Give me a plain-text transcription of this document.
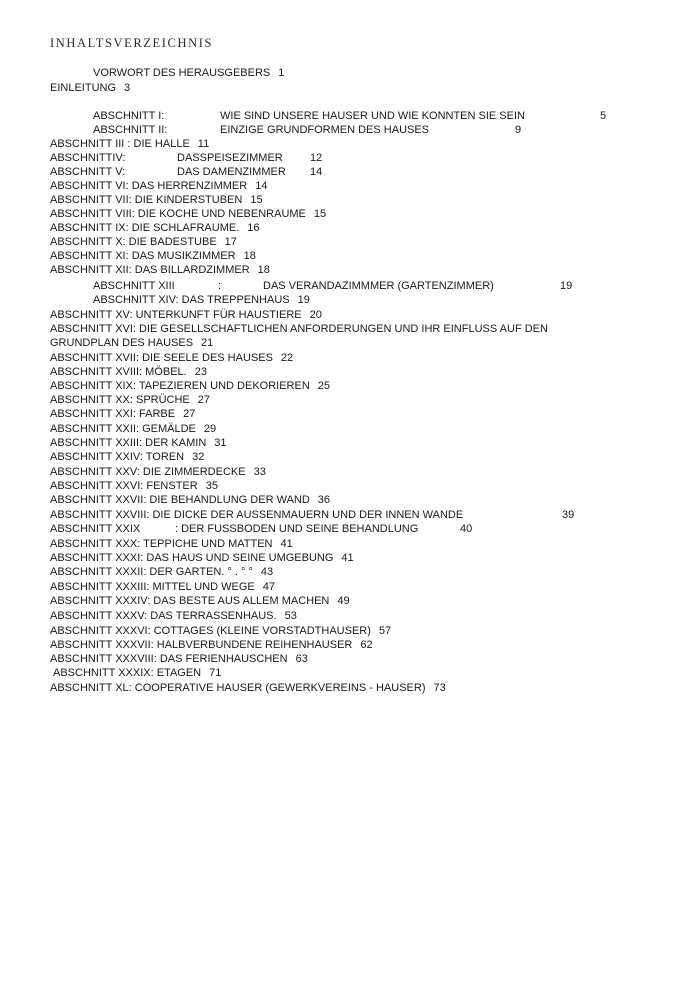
INHALTSVERZEICHNIS
VORWORT DES HERAUSGEBERS 1
EINLEITUNG 3
ABSCHNITT I:	WIE SIND UNSERE HAUSER UND WIE KONNTEN SIE SEIN	5
ABSCHNITT II:	EINZIGE GRUNDFORMEN DES HAUSES	9
ABSCHNITT III : DIE HALLE 11
ABSCHNITTIV:	DASSPEISEZIMMER 12
ABSCHNITT V:	DAS DAMENZIMMER 14
ABSCHNITT VI: DAS HERRENZIMMER 14
ABSCHNITT VII: DIE KINDERSTUBEN 15
ABSCHNITT VIII: DIE KOCHE UND NEBENRAUME 15
ABSCHNITT IX: DIE SCHLAFRAUME. 16
ABSCHNITT X: DIE BADESTUBE 17
ABSCHNITT XI: DAS MUSIKZIMMER 18
ABSCHNITT XII: DAS BILLARDZIMMER 18
ABSCHNITT XIII	:	DAS VERANDAZIMMMER (GARTENZIMMER)	19
ABSCHNITT XIV: DAS TREPPENHAUS 19
ABSCHNITT XV: UNTERKUNFT FÜR HAUSTIERE 20
ABSCHNITT XVI: DIE GESELLSCHAFTLICHEN ANFORDERUNGEN UND IHR EINFLUSS AUF DEN
GRUNDPLAN DES HAUSES 21
ABSCHNITT XVII: DIE SEELE DES HAUSES 22
ABSCHNITT XVIII: MÖBEL. 23
ABSCHNITT XIX: TAPEZIEREN UND DEKORIEREN 25
ABSCHNITT XX: SPRÜCHE 27
ABSCHNITT XXI: FARBE 27
ABSCHNITT XXII: GEMÄLDE 29
ABSCHNITT XXIII: DER KAMIN 31
ABSCHNITT XXIV: TOREN 32
ABSCHNITT XXV: DIE ZIMMERDECKE 33
ABSCHNITT XXVI: FENSTER 35
ABSCHNITT XXVII: DIE BEHANDLUNG DER WAND 36
ABSCHNITT XXVIII: DIE DICKE DER AUSSENMAUERN UND DER INNEN WANDE	39
ABSCHNITT XXIX	: DER FUSSBODEN UND SEINE BEHANDLUNG	40
ABSCHNITT XXX: TEPPICHE UND MATTEN 41
ABSCHNITT XXXI: DAS HAUS UND SEINE UMGEBUNG 41
ABSCHNITT XXXII: DER GARTEN. ° . ° ° 43
ABSCHNITT XXXIII: MITTEL UND WEGE 47
ABSCHNITT XXXIV: DAS BESTE AUS ALLEM MACHEN 49
ABSCHNITT XXXV: DAS TERRASSENHAUS. 53
ABSCHNITT XXXVI: COTTAGES (KLEINE VORSTADTHAUSER) 57
ABSCHNITT XXXVII: HALBVERBUNDENE REIHENHAUSER 62
ABSCHNITT XXXVIII: DAS FERIENHAUSCHEN 63
ABSCHNITT XXXIX: ETAGEN 71
ABSCHNITT XL: COOPERATIVE HAUSER (GEWERKVEREINS - HAUSER) 73
